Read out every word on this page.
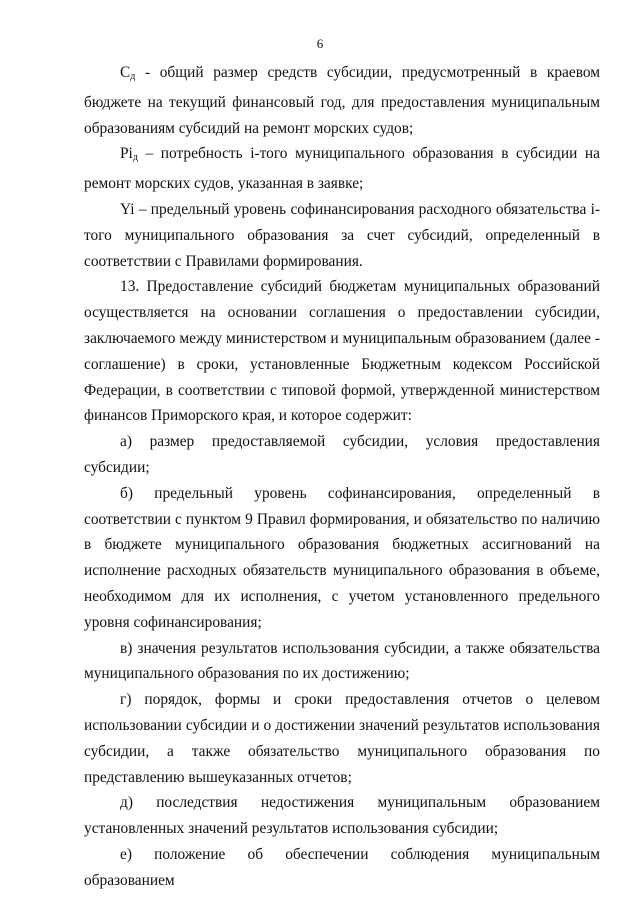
6

$С_д$ - общий размер средств субсидии, предусмотренный в краевом бюджете на текущий финансовый год, для предоставления муниципальным образованиям субсидий на ремонт морских судов;

$Рi_д$ – потребность i-того муниципального образования в субсидии на ремонт морских судов, указанная в заявке;

Yi – предельный уровень софинансирования расходного обязательства i-того муниципального образования за счет субсидий, определенный в соответствии с Правилами формирования.

13. Предоставление субсидий бюджетам муниципальных образований осуществляется на основании соглашения о предоставлении субсидии, заключаемого между министерством и муниципальным образованием (далее - соглашение) в сроки, установленные Бюджетным кодексом Российской Федерации, в соответствии с типовой формой, утвержденной министерством финансов Приморского края, и которое содержит:

а) размер предоставляемой субсидии, условия предоставления субсидии;

б) предельный уровень софинансирования, определенный в соответствии с пунктом 9 Правил формирования, и обязательство по наличию в бюджете муниципального образования бюджетных ассигнований на исполнение расходных обязательств муниципального образования в объеме, необходимом для их исполнения, с учетом установленного предельного уровня софинансирования;

в) значения результатов использования субсидии, а также обязательства муниципального образования по их достижению;

г) порядок, формы и сроки предоставления отчетов о целевом использовании субсидии и о достижении значений результатов использования субсидии, а также обязательство муниципального образования по представлению вышеуказанных отчетов;

д) последствия недостижения муниципальным образованием установленных значений результатов использования субсидии;

е) положение об обеспечении соблюдения муниципальным образованием
